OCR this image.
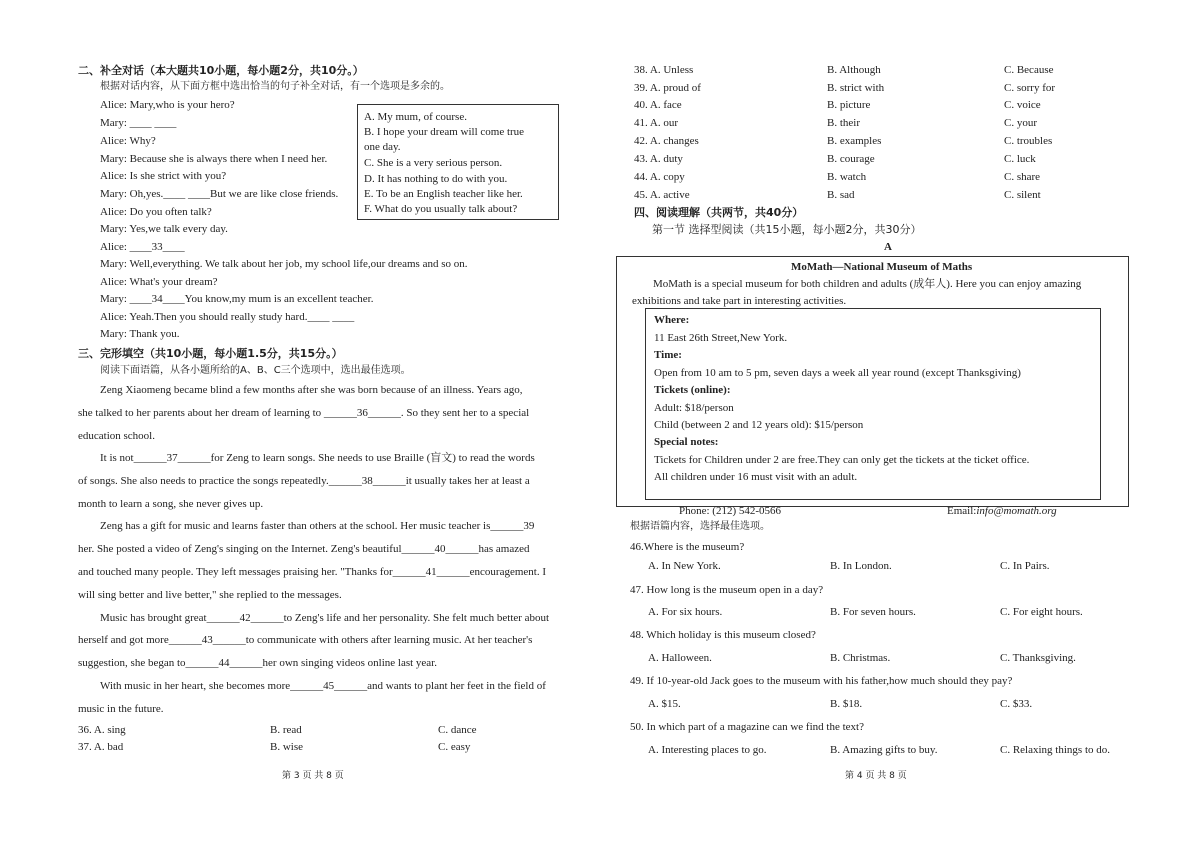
二、补全对话（本大题共10小题，每小题2分，共10分。）
根据对话内容，从下面方框中选出恰当的句子补全对话，有一个选项是多余的。
Alice: Mary,who is your hero?
Mary: ____ ____
Alice: Why?
Mary: Because she is always there when I need her.
Alice: Is she strict with you?
Mary: Oh,yes.____ ____But we are like close friends.
Alice: Do you often talk?
Mary: Yes,we talk every day.
Alice: ____33____
Mary: Well,everything. We talk about her job, my school life,our dreams and so on.
Alice: What's your dream?
Mary: ____34____You know,my mum is an excellent teacher.
Alice: Yeah.Then you should really study hard.____ ____
Mary: Thank you.
A. My mum, of course.
B. I hope your dream will come true
one day.
C. She is a very serious person.
D. It has nothing to do with you.
E. To be an English teacher like her.
F. What do you usually talk about?
三、完形填空（共10小题，每小题1.5分，共15分。）
阅读下面语篇，从各小题所给的A、B、C三个选项中，选出最佳选项。
Zeng Xiaomeng became blind a few months after she was born because of an illness. Years ago,
she talked to her parents about her dream of learning to ______36______. So they sent her to a special
education school.
It is not______37______for Zeng to learn songs. She needs to use Braille (盲文) to read the words
of songs. She also needs to practice the songs repeatedly.______38______it usually takes her at least a
month to learn a song, she never gives up.
Zeng has a gift for music and learns faster than others at the school. Her music teacher is______39
her. She posted a video of Zeng's singing on the Internet. Zeng's beautiful______40______has amazed
and touched many people. They left messages praising her. "Thanks for______41______encouragement. I
will sing better and live better," she replied to the messages.
Music has brought great______42______to Zeng's life and her personality. She felt much better about
herself and got more______43______to communicate with others after learning music. At her teacher's
suggestion, she began to______44______her own singing videos online last year.
With music in her heart, she becomes more______45______and wants to plant her feet in the field of
music in the future.
36. A. sing	B. read	C. dance
37. A. bad	B. wise	C. easy
第 3 页 共 8 页
38. A. Unless	B. Although	C. Because
39. A. proud of	B. strict with	C. sorry for
40. A. face	B. picture	C. voice
41. A. our	B. their	C. your
42. A. changes	B. examples	C. troubles
43. A. duty	B. courage	C. luck
44. A. copy	B. watch	C. share
45. A. active	B. sad	C. silent
四、阅读理解（共两节，共40分）
第一节 选择型阅读（共15小题，每小题2分，共30分）
A
MoMath—National Museum of Maths
MoMath is a special museum for both children and adults (成年人). Here you can enjoy amazing
exhibitions and take part in interesting activities.
Where:
11 East 26th Street,New York.
Time:
Open from 10 am to 5 pm, seven days a week all year round (except Thanksgiving)
Tickets (online):
Adult: $18/person
Child (between 2 and 12 years old): $15/person
Special notes:
Tickets for Children under 2 are free.They can only get the tickets at the ticket office.
All children under 16 must visit with an adult.
Phone: (212) 542-0566	Email:info@momath.org
根据语篇内容，选择最佳选项。
46.Where is the museum?
A. In New York.	B. In London.	C. In Pairs.
47. How long is the museum open in a day?
A. For six hours.	B. For seven hours.	C. For eight hours.
48. Which holiday is this museum closed?
A. Halloween.	B. Christmas.	C. Thanksgiving.
49. If 10-year-old Jack goes to the museum with his father,how much should they pay?
A. $15.	B. $18.	C. $33.
50. In which part of a magazine can we find the text?
A. Interesting places to go.	B. Amazing gifts to buy.	C. Relaxing things to do.
第 4 页 共 8 页
